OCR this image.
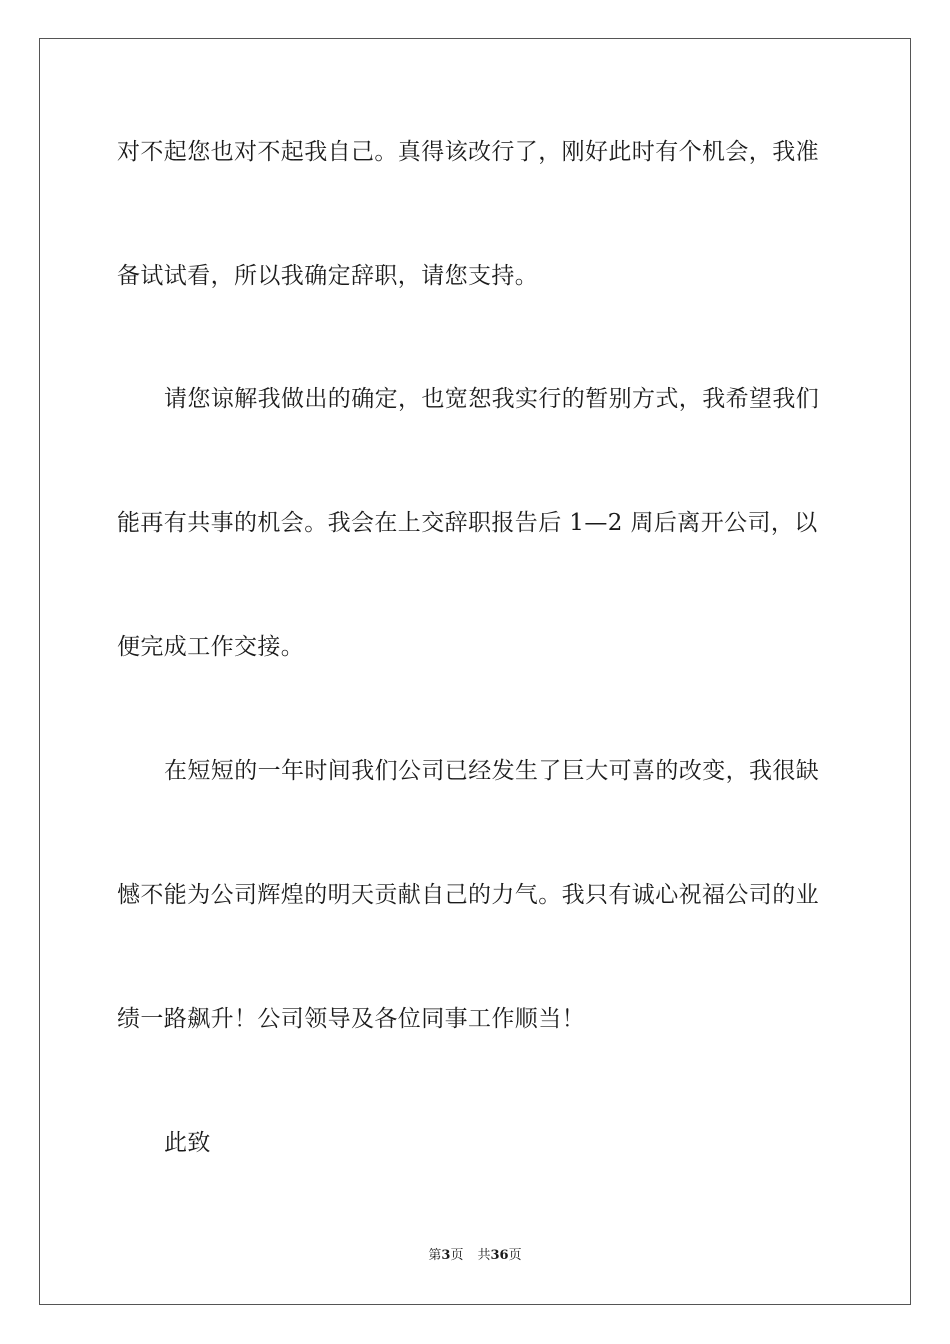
对不起您也对不起我自己。真得该改行了，刚好此时有个机会，我准
备试试看，所以我确定辞职，请您支持。
请您谅解我做出的确定，也宽恕我实行的暂别方式，我希望我们
能再有共事的机会。我会在上交辞职报告后 1—2 周后离开公司，以
便完成工作交接。
在短短的一年时间我们公司已经发生了巨大可喜的改变，我很缺
憾不能为公司辉煌的明天贡献自己的力气。我只有诚心祝福公司的业
绩一路飙升！公司领导及各位同事工作顺当！
此致
第3页 共36页
